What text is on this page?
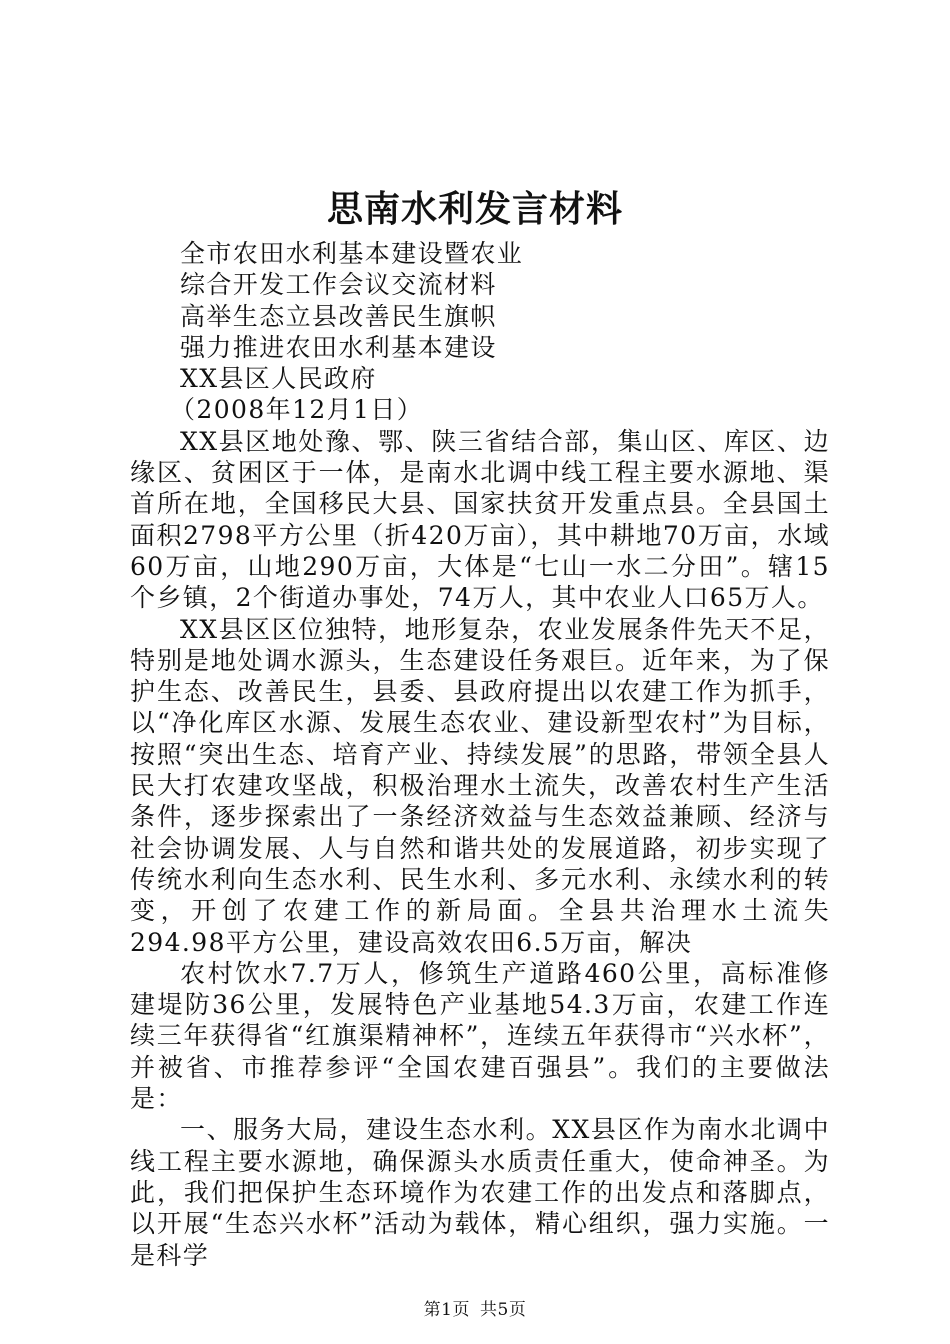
思南水利发言材料

全市农田水利基本建设暨农业

综合开发工作会议交流材料

高举生态立县改善民生旗帜

强力推进农田水利基本建设

XX县区人民政府

（2008年12月1日）

XX县区地处豫、鄂、陕三省结合部，集山区、库区、边缘区、贫困区于一体，是南水北调中线工程主要水源地、渠首所在地，全国移民大县、国家扶贫开发重点县。全县国土面积2798平方公里（折420万亩），其中耕地70万亩，水域60万亩，山地290万亩，大体是“七山一水二分田”。辖15个乡镇，2个街道办事处，74万人，其中农业人口65万人。

XX县区区位独特，地形复杂，农业发展条件先天不足，特别是地处调水源头，生态建设任务艰巨。近年来，为了保护生态、改善民生，县委、县政府提出以农建工作为抓手，以“净化库区水源、发展生态农业、建设新型农村”为目标，按照“突出生态、培育产业、持续发展”的思路，带领全县人民大打农建攻坚战，积极治理水土流失，改善农村生产生活条件，逐步探索出了一条经济效益与生态效益兼顾、经济与社会协调发展、人与自然和谐共处的发展道路，初步实现了传统水利向生态水利、民生水利、多元水利、永续水利的转变，开创了农建工作的新局面。全县共治理水土流失294.98平方公里，建设高效农田6.5万亩，解决

农村饮水7.7万人，修筑生产道路460公里，高标准修建堤防36公里，发展特色产业基地54.3万亩，农建工作连续三年获得省“红旗渠精神杯”，连续五年获得市“兴水杯”，并被省、市推荐参评“全国农建百强县”。我们的主要做法是：

一、服务大局，建设生态水利。XX县区作为南水北调中线工程主要水源地，确保源头水质责任重大，使命神圣。为此，我们把保护生态环境作为农建工作的出发点和落脚点，以开展“生态兴水杯”活动为载体，精心组织，强力实施。一是科学

第1页 共5页
